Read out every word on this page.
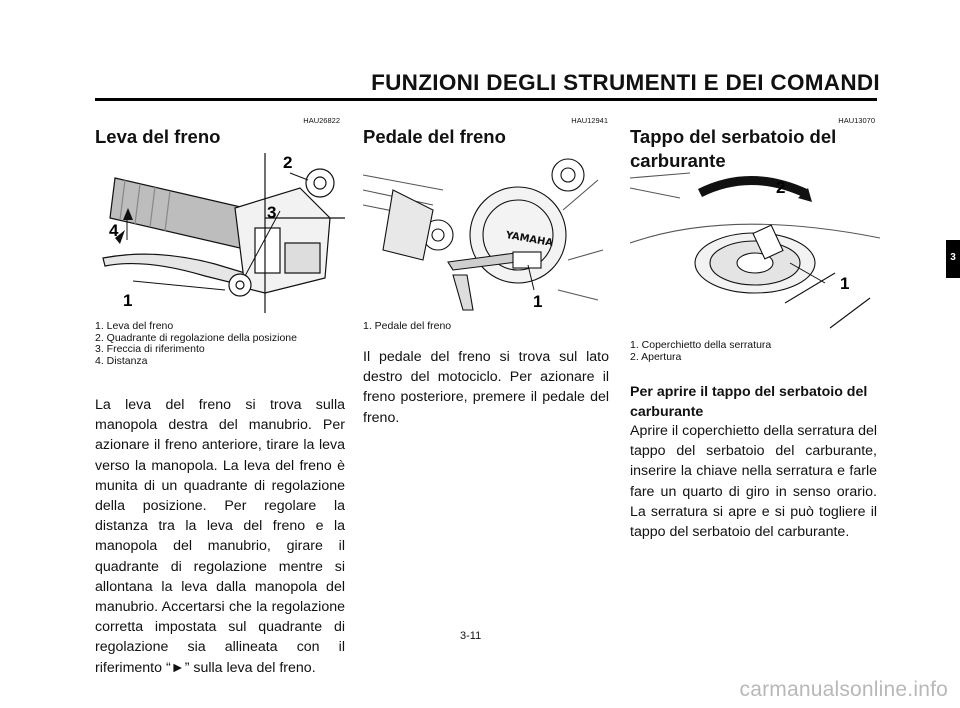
FUNZIONI DEGLI STRUMENTI E DEI COMANDI
HAU26822
Leva del freno
2
3
4
1
1. Leva del freno
2. Quadrante di regolazione della posizione
3. Freccia di riferimento
4. Distanza
La leva del freno si trova sulla manopola destra del manubrio. Per azionare il freno anteriore, tirare la leva verso la manopola. La leva del freno è munita di un quadrante di regolazione della posizione. Per regolare la distanza tra la leva del freno e la manopola del manubrio, girare il quadrante di regolazione mentre si allontana la leva dalla manopola del manubrio. Accertarsi che la regolazione corretta impostata sul quadrante di regolazione sia allineata con il riferimento “►” sulla leva del freno.
HAU12941
Pedale del freno
YAMAHA
1
1. Pedale del freno
Il pedale del freno si trova sul lato destro del motociclo. Per azionare il freno posteriore, premere il pedale del freno.
HAU13070
Tappo del serbatoio del carburante
2
1
1. Coperchietto della serratura
2. Apertura
Per aprire il tappo del serbatoio del carburante
Aprire il coperchietto della serratura del tappo del serbatoio del carburante, inserire la chiave nella serratura e farle fare un quarto di giro in senso orario. La serratura si apre e si può togliere il tappo del serbatoio del carburante.
3
3-11
carmanualsonline.info
